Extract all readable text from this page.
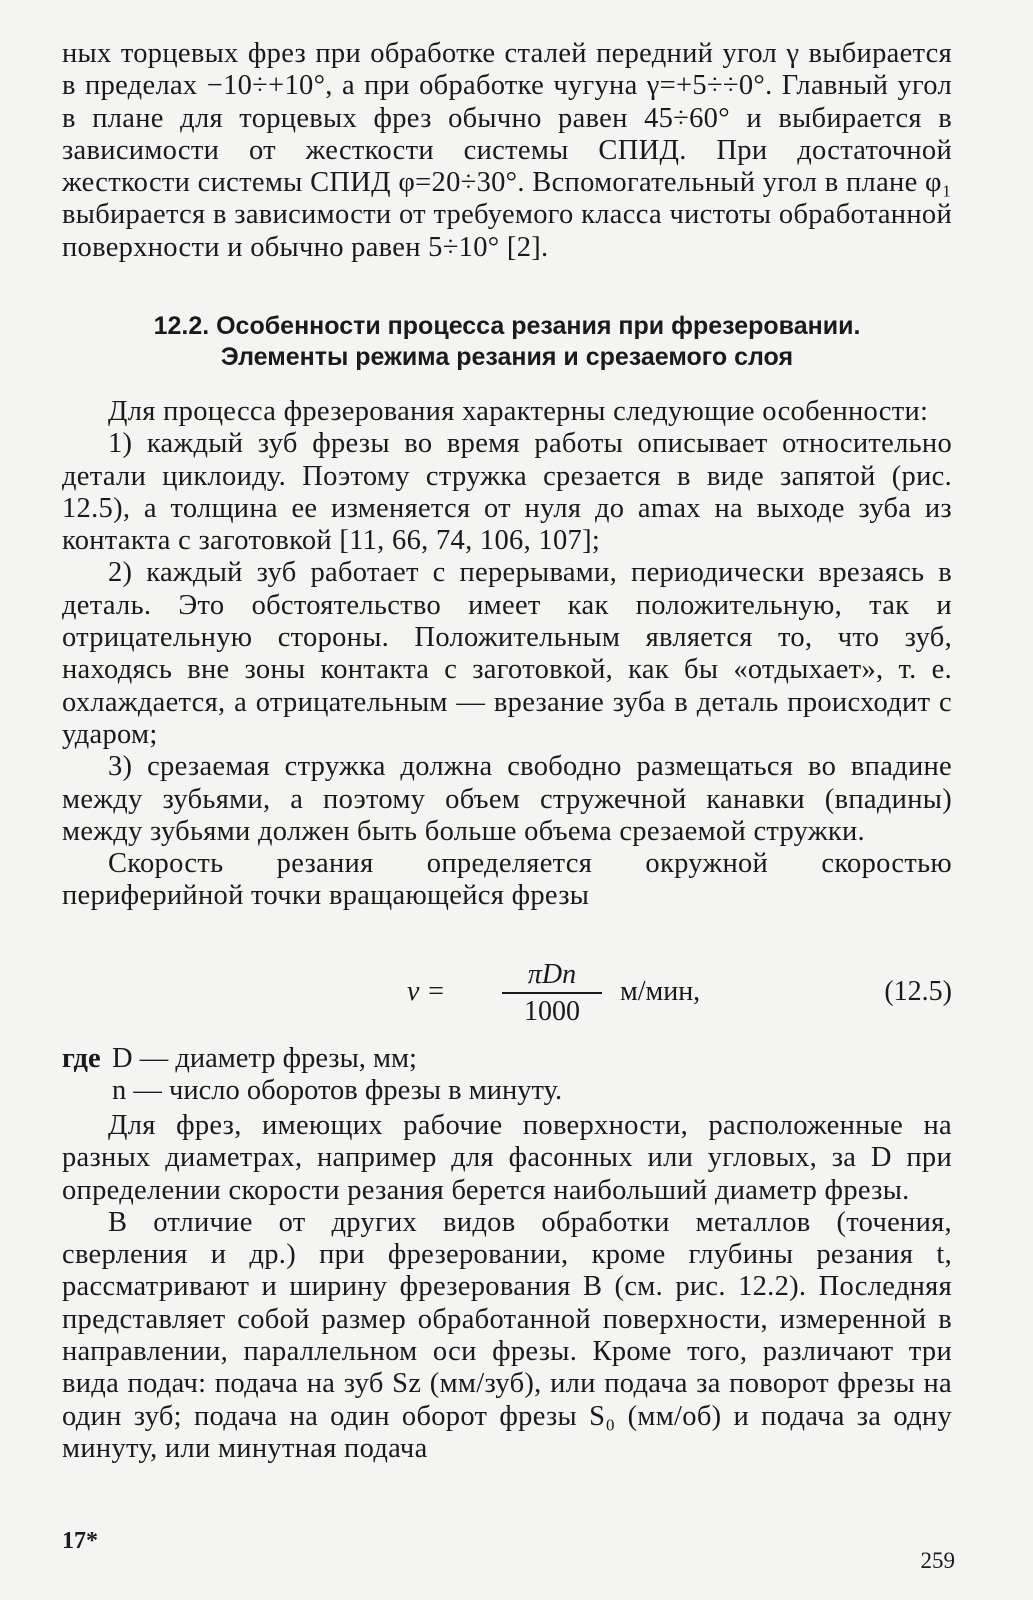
ных торцевых фрез при обработке сталей передний угол γ выбирается в пределах −10÷+10°, а при обработке чугуна γ=+5÷÷0°. Главный угол в плане для торцевых фрез обычно равен 45÷60° и выбирается в зависимости от жесткости системы СПИД. При достаточной жесткости системы СПИД φ=20÷30°. Вспомогательный угол в плане φ₁ выбирается в зависимости от требуемого класса чистоты обработанной поверхности и обычно равен 5÷10° [2].

12.2. Особенности процесса резания при фрезеровании.
Элементы режима резания и срезаемого слоя

Для процесса фрезерования характерны следующие особенности:

1) каждый зуб фрезы во время работы описывает относительно детали циклоиду. Поэтому стружка срезается в виде запятой (рис. 12.5), а толщина ее изменяется от нуля до amax на выходе зуба из контакта с заготовкой [11, 66, 74, 106, 107];

2) каждый зуб работает с перерывами, периодически врезаясь в деталь. Это обстоятельство имеет как положительную, так и отрицательную стороны. Положительным является то, что зуб, находясь вне зоны контакта с заготовкой, как бы «отдыхает», т. е. охлаждается, а отрицательным — врезание зуба в деталь происходит с ударом;

3) срезаемая стружка должна свободно размещаться во впадине между зубьями, а поэтому объем стружечной канавки (впадины) между зубьями должен быть больше объема срезаемой стружки.

Скорость резания определяется окружной скоростью периферийной точки вращающейся фрезы

v =
πDn
1000
м/мин,	(12.5)
где D — диаметр фрезы, мм;
n — число оборотов фрезы в минуту.

Для фрез, имеющих рабочие поверхности, расположенные на разных диаметрах, например для фасонных или угловых, за D при определении скорости резания берется наибольший диаметр фрезы.

В отличие от других видов обработки металлов (точения, сверления и др.) при фрезеровании, кроме глубины резания t, рассматривают и ширину фрезерования B (см. рис. 12.2). Последняя представляет собой размер обработанной поверхности, измеренной в направлении, параллельном оси фрезы. Кроме того, различают три вида подач: подача на зуб Sz (мм/зуб), или подача за поворот фрезы на один зуб; подача на один оборот фрезы S₀ (мм/об) и подача за одну минуту, или минутная подача

17*
259
